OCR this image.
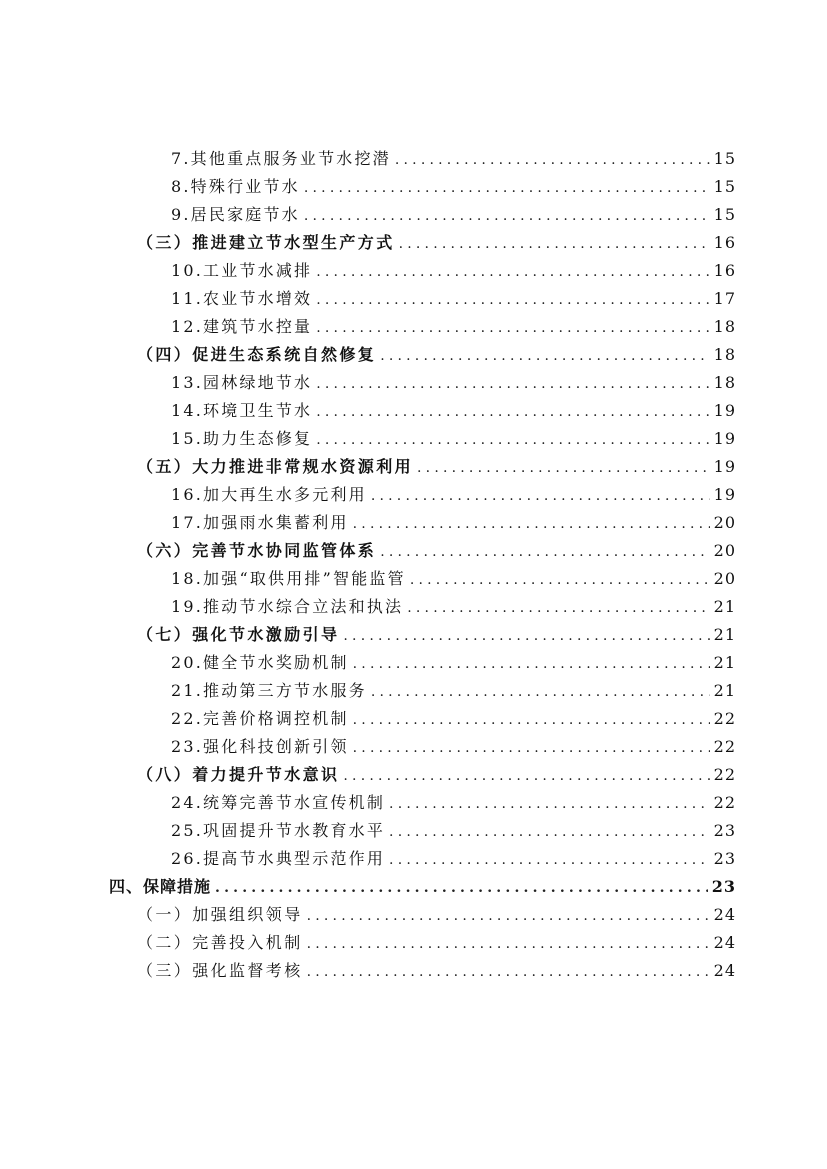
7.其他重点服务业节水挖潜 .....	15
8.特殊行业节水 .....	15
9.居民家庭节水 .....	15
（三）推进建立节水型生产方式 .....	16
10.工业节水减排 .....	16
11.农业节水增效 .....	17
12.建筑节水控量 .....	18
（四）促进生态系统自然修复 .....	18
13.园林绿地节水 .....	18
14.环境卫生节水 .....	19
15.助力生态修复 .....	19
（五）大力推进非常规水资源利用 .....	19
16.加大再生水多元利用 .....	19
17.加强雨水集蓄利用 .....	20
（六）完善节水协同监管体系 .....	20
18.加强“取供用排”智能监管 .....	20
19.推动节水综合立法和执法 .....	21
（七）强化节水激励引导 .....	21
20.健全节水奖励机制 .....	21
21.推动第三方节水服务 .....	21
22.完善价格调控机制 .....	22
23.强化科技创新引领 .....	22
（八）着力提升节水意识 .....	22
24.统筹完善节水宣传机制 .....	22
25.巩固提升节水教育水平 .....	23
26.提高节水典型示范作用 .....	23
四、保障措施 .....	23
（一）加强组织领导 .....	24
（二）完善投入机制 .....	24
（三）强化监督考核 .....	24
